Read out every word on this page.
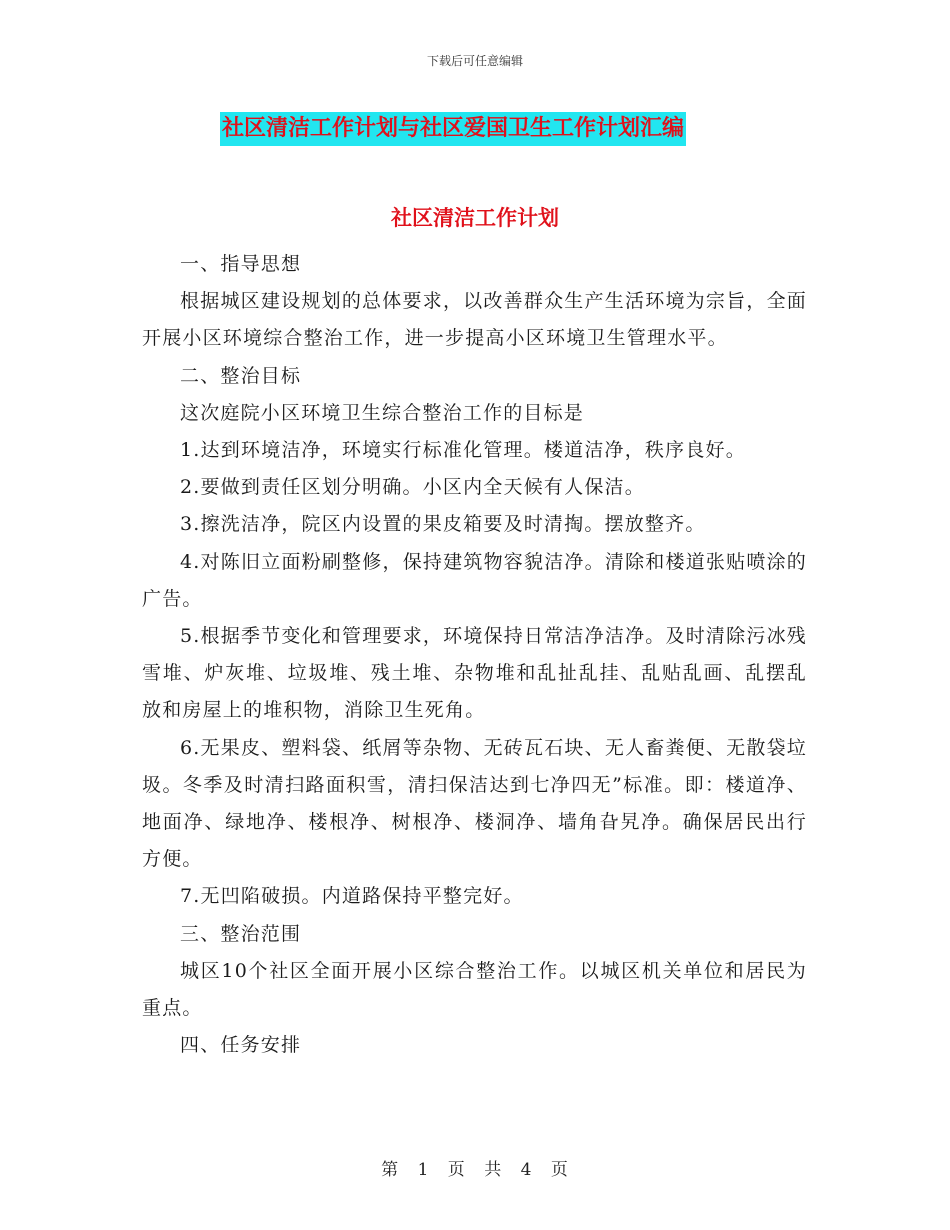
下载后可任意编辑
社区清洁工作计划与社区爱国卫生工作计划汇编
社区清洁工作计划

一、指导思想

根据城区建设规划的总体要求，以改善群众生产生活环境为宗旨，全面开展小区环境综合整治工作，进一步提高小区环境卫生管理水平。

二、整治目标

这次庭院小区环境卫生综合整治工作的目标是

1.达到环境洁净，环境实行标准化管理。楼道洁净，秩序良好。

2.要做到责任区划分明确。小区内全天候有人保洁。

3.擦洗洁净，院区内设置的果皮箱要及时清掏。摆放整齐。

4.对陈旧立面粉刷整修，保持建筑物容貌洁净。清除和楼道张贴喷涂的广告。

5.根据季节变化和管理要求，环境保持日常洁净洁净。及时清除污冰残雪堆、炉灰堆、垃圾堆、残土堆、杂物堆和乱扯乱挂、乱贴乱画、乱摆乱放和房屋上的堆积物，消除卫生死角。

6.无果皮、塑料袋、纸屑等杂物、无砖瓦石块、无人畜粪便、无散袋垃圾。冬季及时清扫路面积雪，清扫保洁达到七净四无”标准。即：楼道净、地面净、绿地净、楼根净、树根净、楼洞净、墙角旮旯净。确保居民出行方便。

7.无凹陷破损。内道路保持平整完好。

三、整治范围

城区10个社区全面开展小区综合整治工作。以城区机关单位和居民为重点。

四、任务安排

第 1 页 共 4 页
